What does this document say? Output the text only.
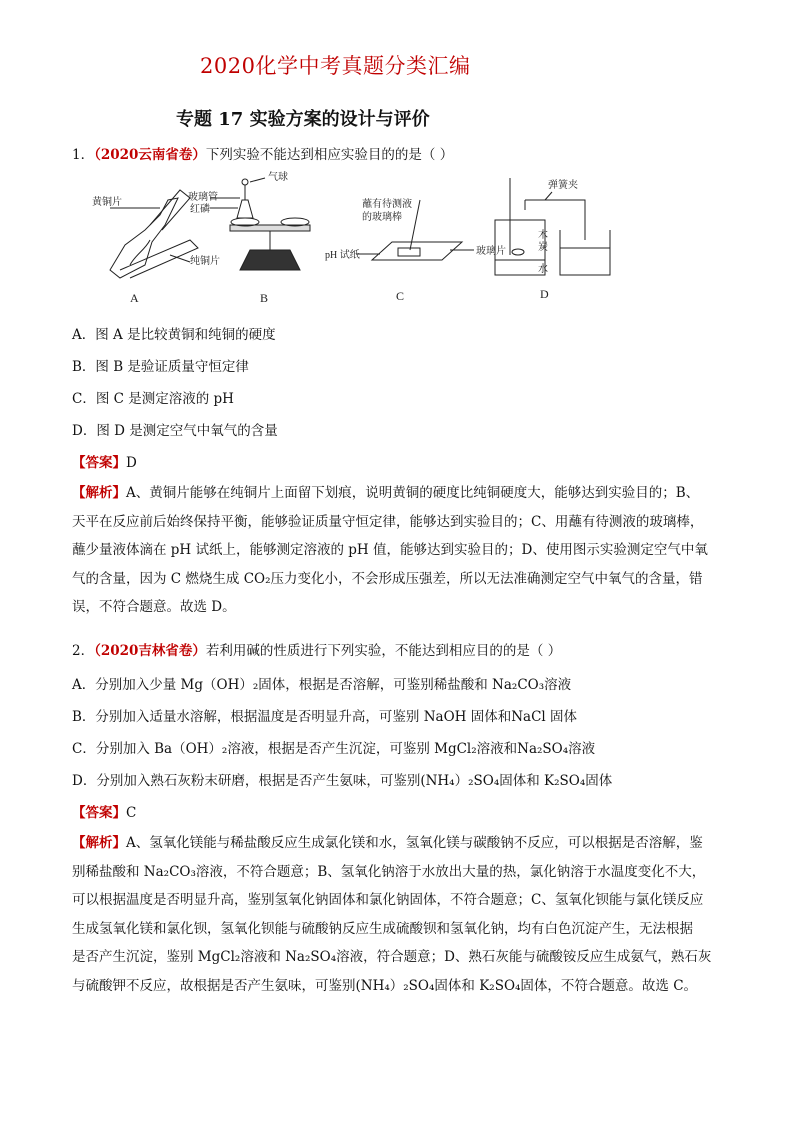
2020化学中考真题分类汇编
专题 17 实验方案的设计与评价
1．（2020云南省卷）下列实验不能达到相应实验目的的是（ ）
黄铜片
纯铜片
A
玻璃管
红磷
气球
B
蘸有待测液
的玻璃棒
pH 试纸	玻璃片
C
弹簧夹
木
炭
水
D
A．图 A 是比较黄铜和纯铜的硬度
B．图 B 是验证质量守恒定律
C．图 C 是测定溶液的 pH
D．图 D 是测定空气中氧气的含量
【答案】D
【解析】A、黄铜片能够在纯铜片上面留下划痕，说明黄铜的硬度比纯铜硬度大，能够达到实验目的；B、
天平在反应前后始终保持平衡，能够验证质量守恒定律，能够达到实验目的；C、用蘸有待测液的玻璃棒，
蘸少量液体滴在 pH 试纸上，能够测定溶液的 pH 值，能够达到实验目的；D、使用图示实验测定空气中氧
气的含量，因为 C 燃烧生成 CO₂压力变化小，不会形成压强差，所以无法准确测定空气中氧气的含量，错
误，不符合题意。故选 D。
2．（2020吉林省卷）若利用碱的性质进行下列实验，不能达到相应目的的是（ ）
A．分别加入少量 Mg（OH）₂固体，根据是否溶解，可鉴别稀盐酸和 Na₂CO₃溶液
B．分别加入适量水溶解，根据温度是否明显升高，可鉴别 NaOH 固体和NaCl 固体
C．分别加入 Ba（OH）₂溶液，根据是否产生沉淀，可鉴别 MgCl₂溶液和Na₂SO₄溶液
D．分别加入熟石灰粉末研磨，根据是否产生氨味，可鉴别(NH₄）₂SO₄固体和 K₂SO₄固体
【答案】C
【解析】A、氢氧化镁能与稀盐酸反应生成氯化镁和水，氢氧化镁与碳酸钠不反应，可以根据是否溶解，鉴
别稀盐酸和 Na₂CO₃溶液，不符合题意；B、氢氧化钠溶于水放出大量的热，氯化钠溶于水温度变化不大，
可以根据温度是否明显升高，鉴别氢氧化钠固体和氯化钠固体，不符合题意；C、氢氧化钡能与氯化镁反应
生成氢氧化镁和氯化钡，氢氧化钡能与硫酸钠反应生成硫酸钡和氢氧化钠，均有白色沉淀产生，无法根据
是否产生沉淀，鉴别 MgCl₂溶液和 Na₂SO₄溶液，符合题意；D、熟石灰能与硫酸铵反应生成氨气，熟石灰
与硫酸钾不反应，故根据是否产生氨味，可鉴别(NH₄）₂SO₄固体和 K₂SO₄固体，不符合题意。故选 C。
